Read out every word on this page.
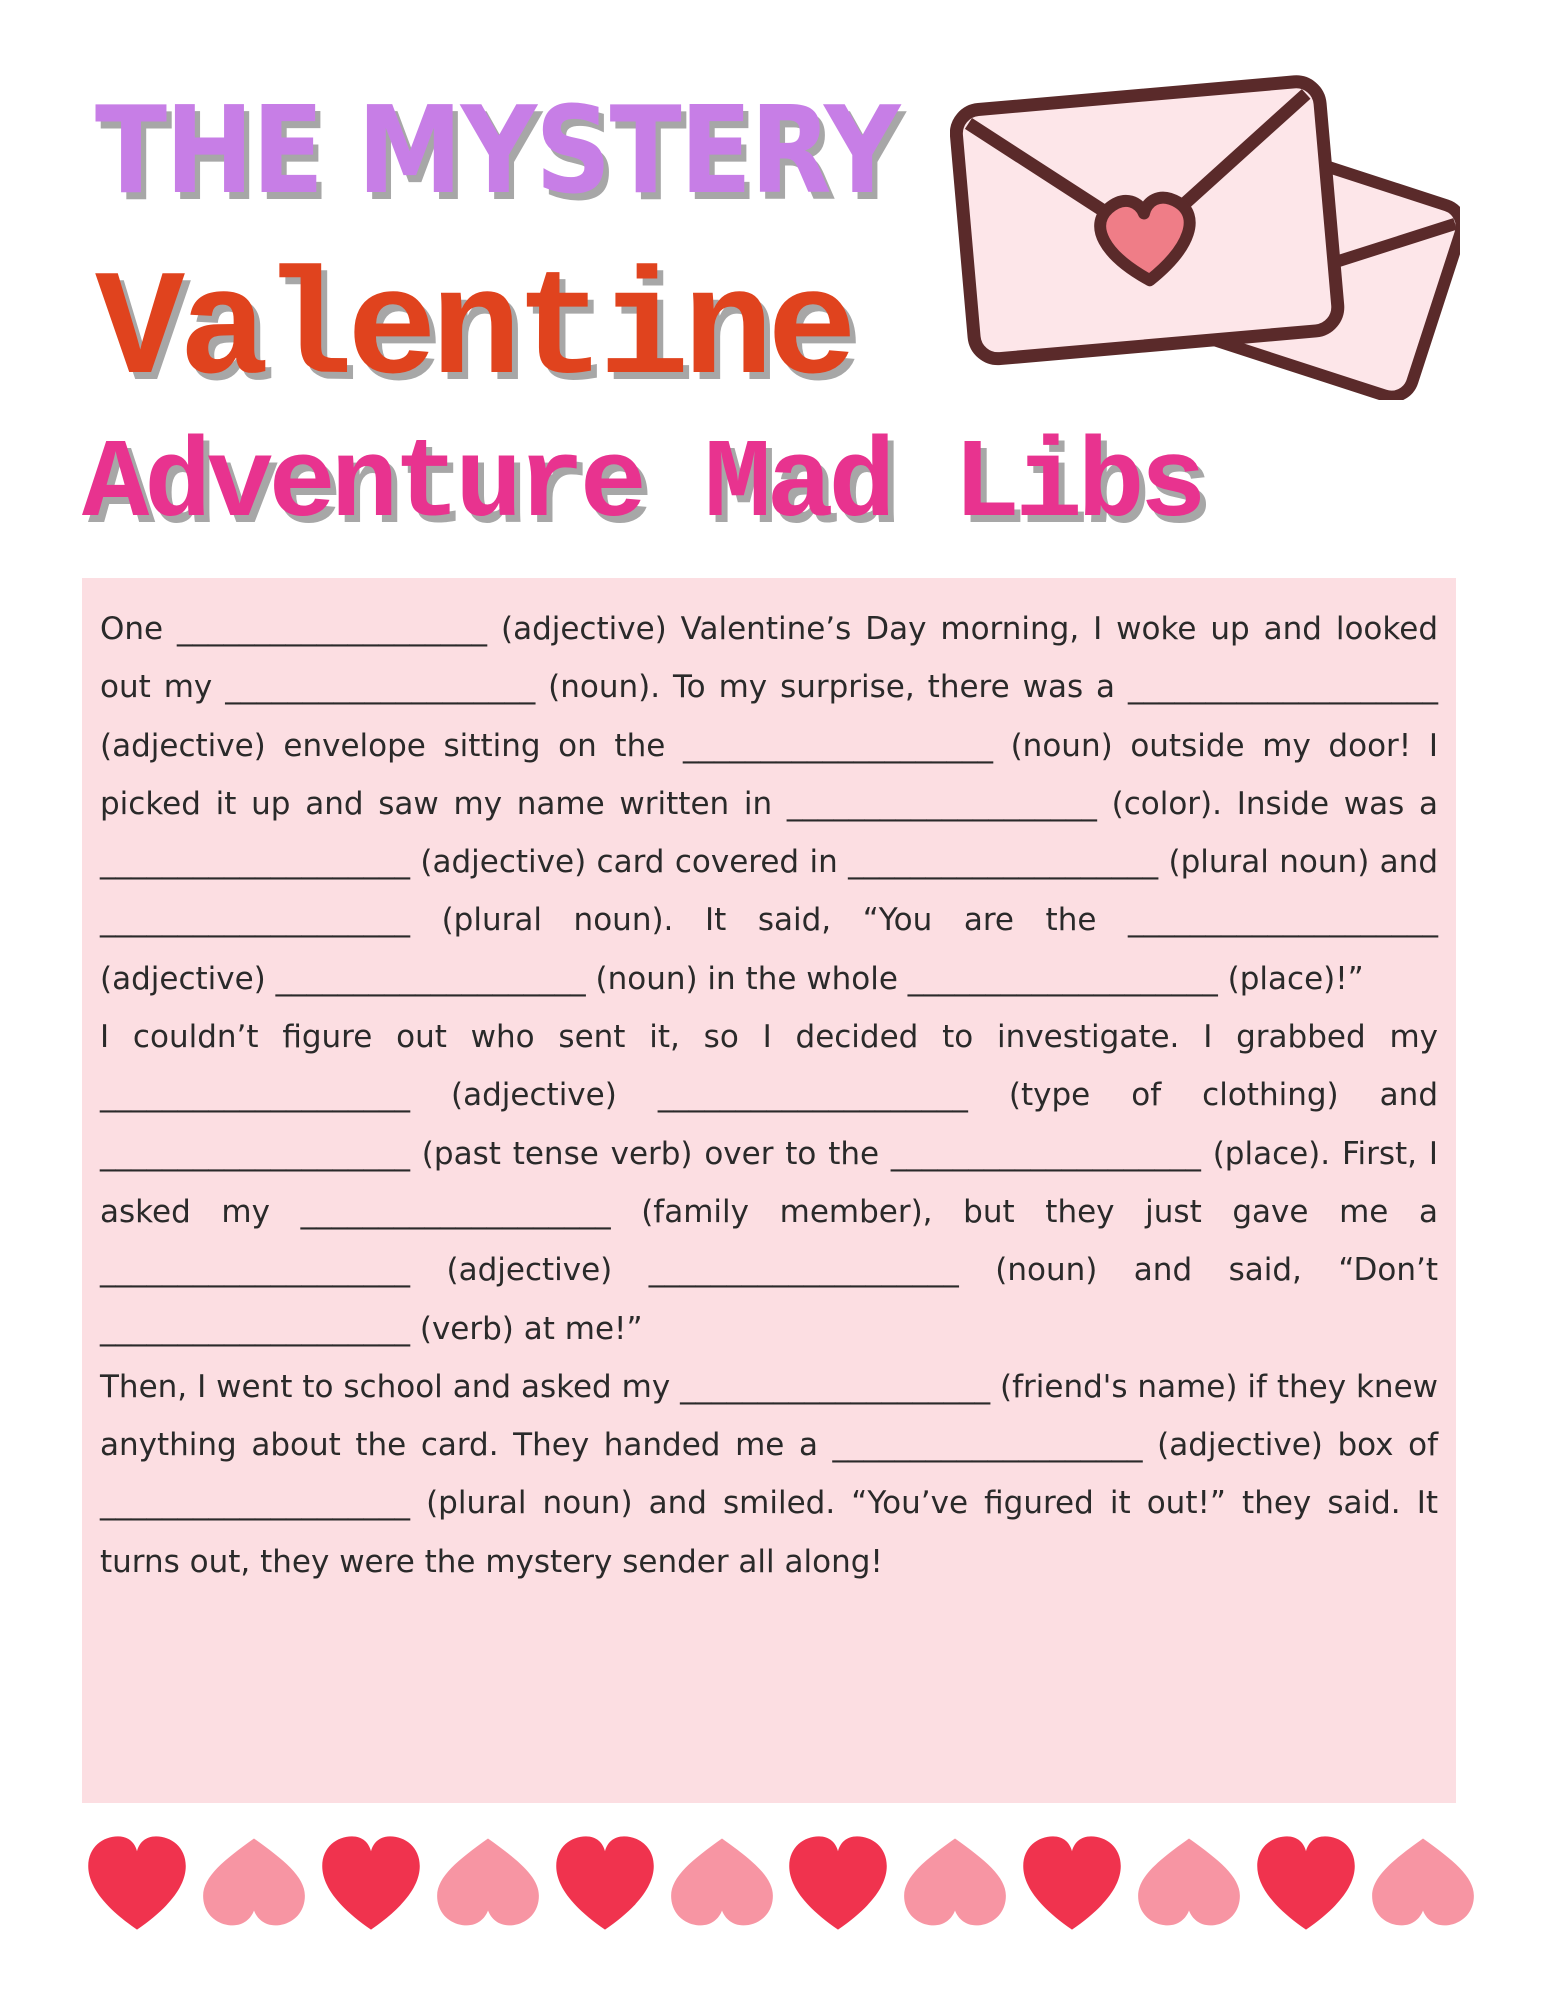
THE MYSTERY
Valentine
Adventure Mad Libs

One ____________________ (adjective) Valentine’s Day morning, I woke up and looked out my ____________________ (noun). To my surprise, there was a ____________________ (adjective) envelope sitting on the ____________________ (noun) outside my door! I picked it up and saw my name written in ____________________ (color). Inside was a ____________________ (adjective) card covered in ____________________ (plural noun) and ____________________ (plural noun). It said, “You are the ____________________ (adjective) ____________________ (noun) in the whole ____________________ (place)!”

I couldn’t figure out who sent it, so I decided to investigate. I grabbed my ____________________ (adjective) ____________________ (type of clothing) and ____________________ (past tense verb) over to the ____________________ (place). First, I asked my ____________________ (family member), but they just gave me a ____________________ (adjective) ____________________ (noun) and said, “Don’t ____________________ (verb) at me!”

Then, I went to school and asked my ____________________ (friend's name) if they knew anything about the card. They handed me a ____________________ (adjective) box of ____________________ (plural noun) and smiled. “You’ve figured it out!” they said. It turns out, they were the mystery sender all along!
